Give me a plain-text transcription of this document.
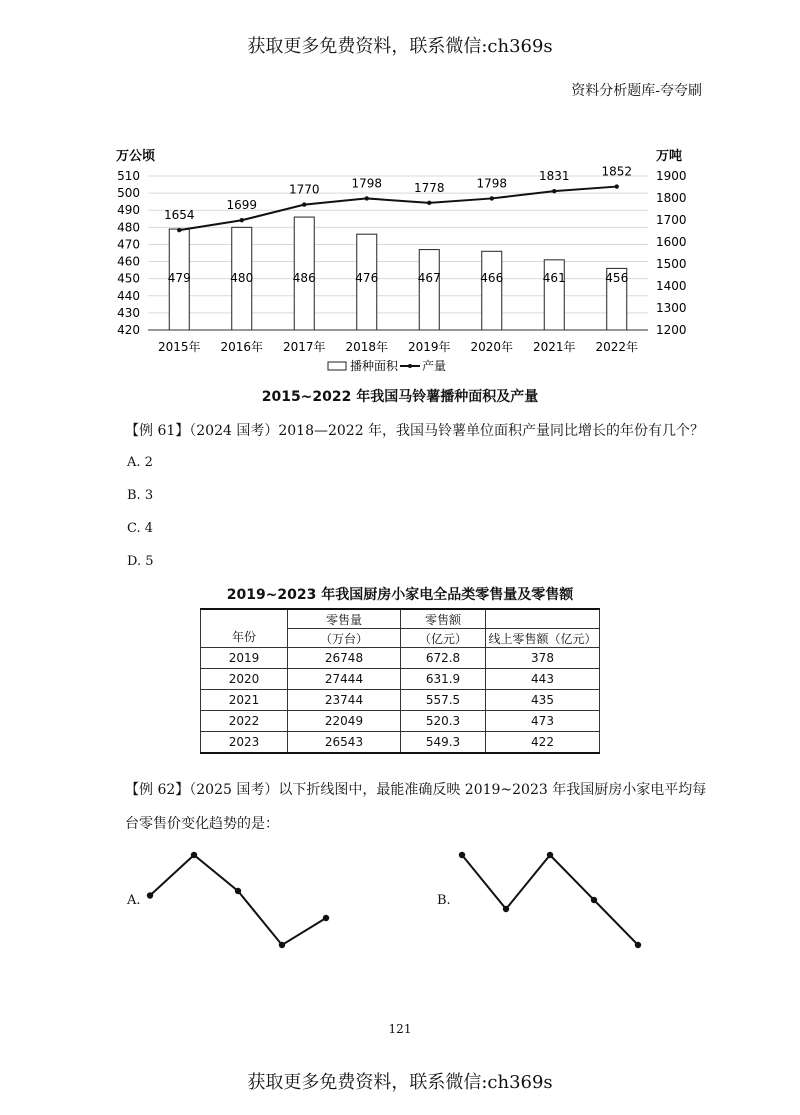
获取更多免费资料，联系微信:ch369s
资料分析题库-夸夸刷
479	480	486	476	467	466	461	456
1654
1699
1770	1798	1778	1798
1831	1852
万公顷	万吨
420
430
440
450
460
470
480
490
500
510
1200
1300
1400
1500
1600
1700
1800
1900
2015年 2016年 2017年 2018年 2019年 2020年 2021年 2022年
播种面积 产量
2015~2022 年我国马铃薯播种面积及产量
【例 61】（2024 国考）2018—2022 年，我国马铃薯单位面积产量同比增长的年份有几个？
A. 2
B. 3
C. 4
D. 5
2019~2023 年我国厨房小家电全品类零售量及零售额
年份	零售量	零售额	
	（万台）	（亿元）	线上零售额（亿元）
2019	26748	672.8	378
2020	27444	631.9	443
2021	23744	557.5	435
2022	22049	520.3	473
2023	26543	549.3	422
【例 62】（2025 国考）以下折线图中，最能准确反映 2019~2023 年我国厨房小家电平均每
台零售价变化趋势的是：
A.	B.
121
获取更多免费资料，联系微信:ch369s
